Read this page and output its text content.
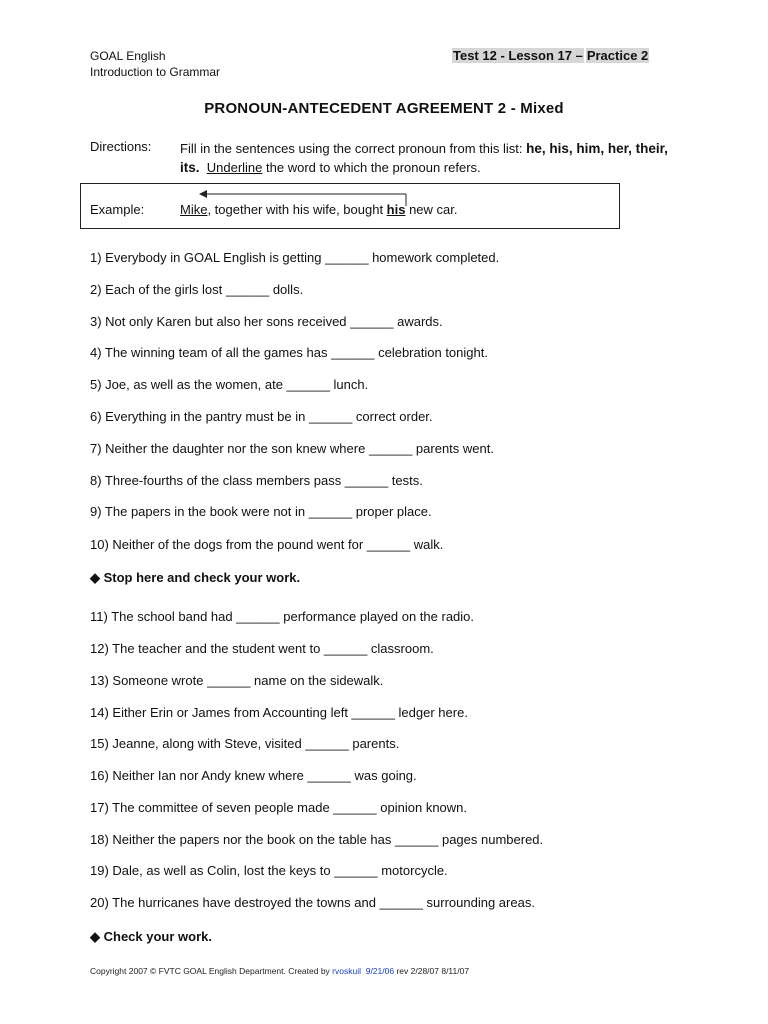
GOAL English
Introduction to Grammar
Test 12 - Lesson 17 – Practice 2
PRONOUN-ANTECEDENT AGREEMENT 2 - Mixed
Directions: Fill in the sentences using the correct pronoun from this list: he, his, him, her, their, its. Underline the word to which the pronoun refers.
Example:	Mike, together with his wife, bought his new car.
1) Everybody in GOAL English is getting ______ homework completed.
2) Each of the girls lost ______ dolls.
3) Not only Karen but also her sons received ______ awards.
4) The winning team of all the games has ______ celebration tonight.
5) Joe, as well as the women, ate ______ lunch.
6) Everything in the pantry must be in ______ correct order.
7) Neither the daughter nor the son knew where ______ parents went.
8) Three-fourths of the class members pass ______ tests.
9) The papers in the book were not in ______ proper place.
10) Neither of the dogs from the pound went for ______ walk.
◆ Stop here and check your work.
11) The school band had ______ performance played on the radio.
12) The teacher and the student went to ______ classroom.
13) Someone wrote ______ name on the sidewalk.
14) Either Erin or James from Accounting left ______ ledger here.
15) Jeanne, along with Steve, visited ______ parents.
16) Neither Ian nor Andy knew where ______ was going.
17) The committee of seven people made ______ opinion known.
18) Neither the papers nor the book on the table has ______ pages numbered.
19) Dale, as well as Colin, lost the keys to ______ motorcycle.
20) The hurricanes have destroyed the towns and ______ surrounding areas.
◆ Check your work.
Copyright 2007 © FVTC GOAL English Department. Created by rvoskuil 9/21/06 rev 2/28/07 8/11/07
